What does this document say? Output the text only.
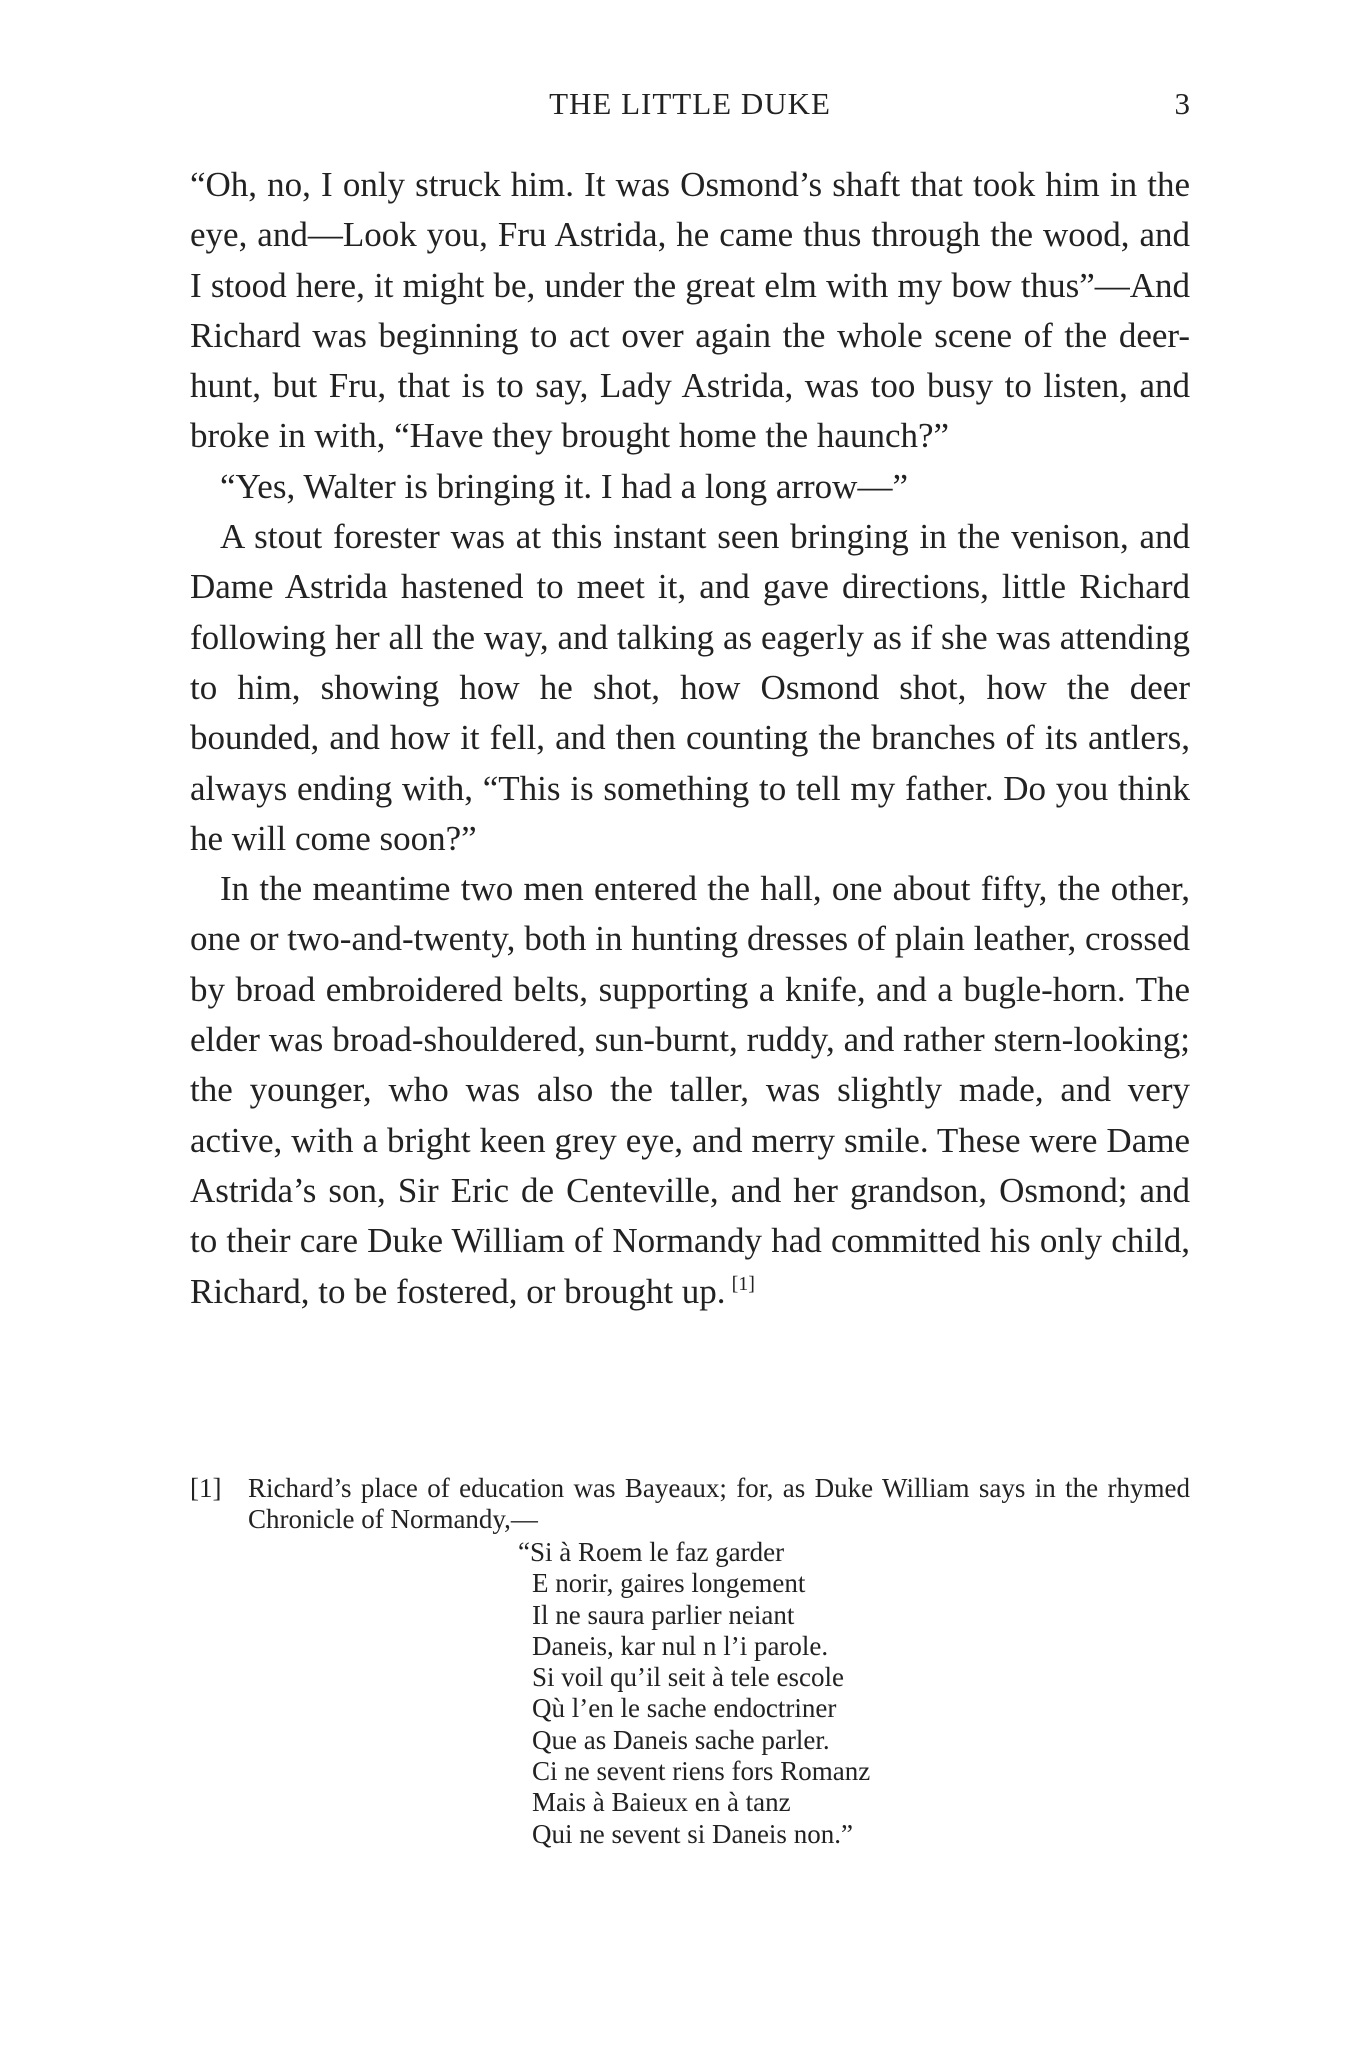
THE LITTLE DUKE	3

“Oh, no, I only struck him. It was Osmond’s shaft that took him in the eye, and—Look you, Fru Astrida, he came thus through the wood, and I stood here, it might be, under the great elm with my bow thus”—And Richard was beginning to act over again the whole scene of the deer-hunt, but Fru, that is to say, Lady Astrida, was too busy to listen, and broke in with, “Have they brought home the haunch?”

“Yes, Walter is bringing it. I had a long arrow—”

A stout forester was at this instant seen bringing in the venison, and Dame Astrida hastened to meet it, and gave directions, little Richard following her all the way, and talking as eagerly as if she was attending to him, showing how he shot, how Osmond shot, how the deer bounded, and how it fell, and then counting the branches of its antlers, always ending with, “This is something to tell my father. Do you think he will come soon?”

In the meantime two men entered the hall, one about fifty, the other, one or two-and-twenty, both in hunting dresses of plain leather, crossed by broad embroidered belts, supporting a knife, and a bugle-horn. The elder was broad-shouldered, sun-burnt, ruddy, and rather stern-looking; the younger, who was also the taller, was slightly made, and very active, with a bright keen grey eye, and merry smile. These were Dame Astrida’s son, Sir Eric de Centeville, and her grandson, Osmond; and to their care Duke William of Normandy had committed his only child, Richard, to be fostered, or brought up. [1]

[1] Richard’s place of education was Bayeaux; for, as Duke William says in the rhymed Chronicle of Normandy,—
“Si à Roem le faz garder
E norir, gaires longement
Il ne saura parlier neiant
Daneis, kar nul n l’i parole.
Si voil qu’il seit à tele escole
Qù l’en le sache endoctriner
Que as Daneis sache parler.
Ci ne sevent riens fors Romanz
Mais à Baieux en à tanz
Qui ne sevent si Daneis non.”
